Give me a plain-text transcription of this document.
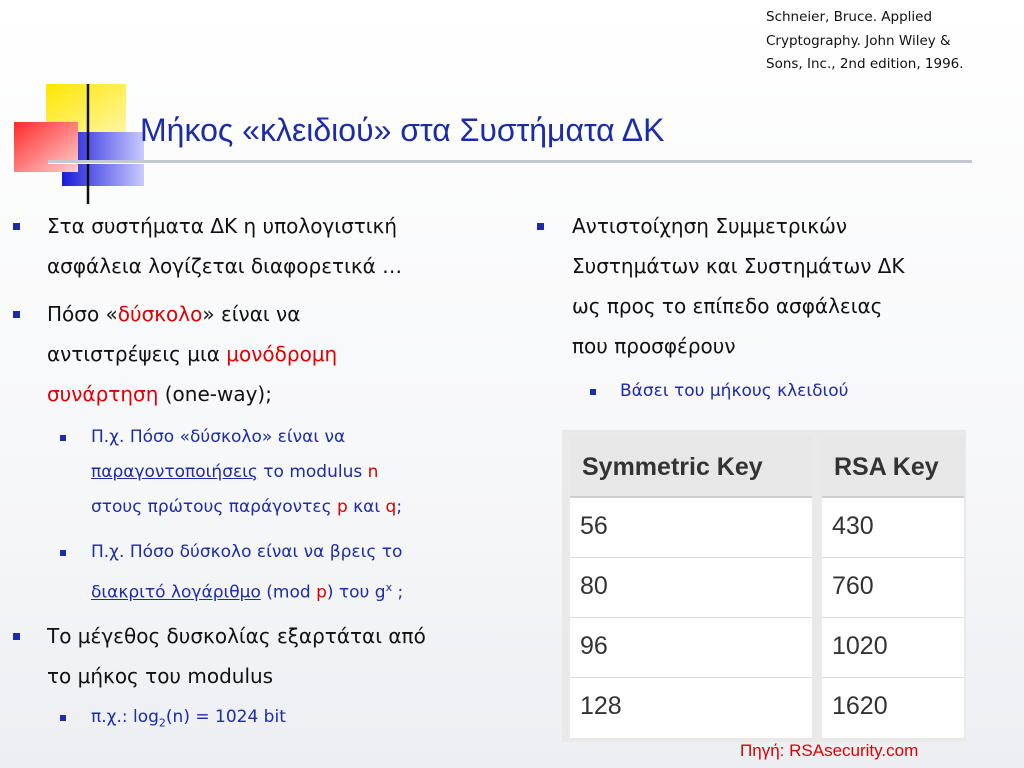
Schneier, Bruce. Applied
Cryptography. John Wiley &
Sons, Inc., 2nd edition, 1996.
Μήκος «κλειδιού» στα Συστήματα ΔΚ
Στα συστήματα ΔΚ η υπολογιστική
ασφάλεια λογίζεται διαφορετικά …
Πόσο «δύσκολο» είναι να
αντιστρέψεις μια μονόδρομη
συνάρτηση (one-way);
Π.χ. Πόσο «δύσκολο» είναι να
παραγοντοποιήσεις το modulus n
στους πρώτους παράγοντες p και q;
Π.χ. Πόσο δύσκολο είναι να βρεις το
διακριτό λογάριθμο (mod p) του $g^x$ ;
Το μέγεθος δυσκολίας εξαρτάται από
το μήκος του modulus
π.χ.: $\log_2(n) = 1024$ bit
Αντιστοίχηση Συμμετρικών
Συστημάτων και Συστημάτων ΔΚ
ως προς το επίπεδο ασφάλειας
που προσφέρουν
Βάσει του μήκους κλειδιού
Symmetric Key
56
80
96
128
RSA Key
430
760
1020
1620
Πηγή: RSAsecurity.com
